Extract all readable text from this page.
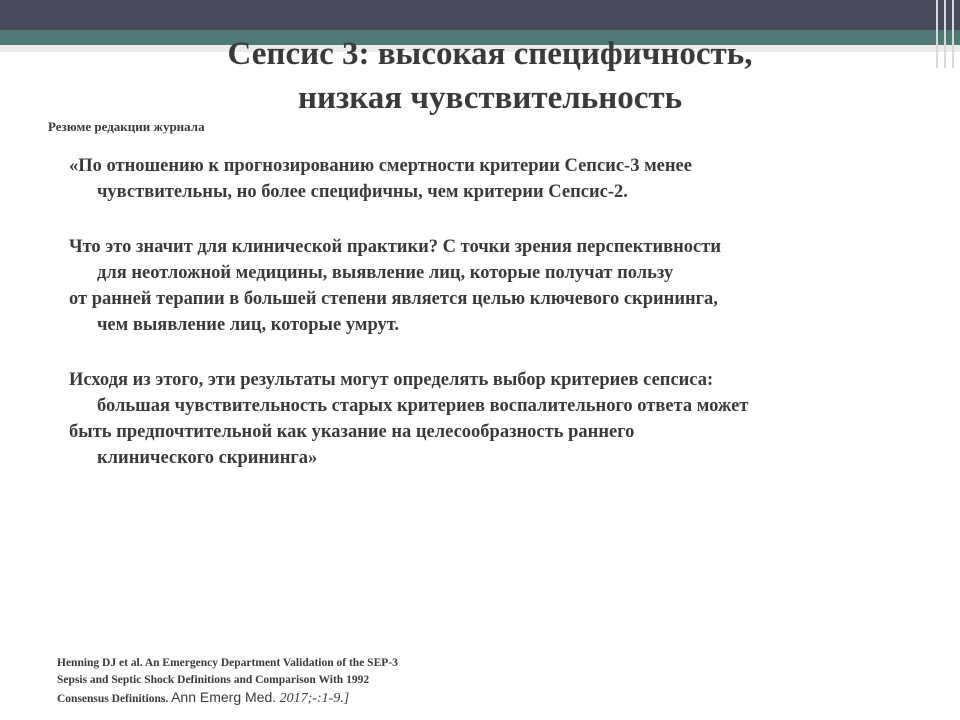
Сепсис 3: высокая специфичность,
низкая чувствительность
Резюме редакции журнала
«По отношению к прогнозированию смертности критерии Сепсис-3 менее
чувствительны, но более специфичны, чем критерии Сепсис-2.
Что это значит для клинической практики? С точки зрения перспективности
для неотложной медицины, выявление лиц, которые получат пользу
от ранней терапии в большей степени является целью ключевого скрининга,
чем выявление лиц, которые умрут.
Исходя из этого, эти результаты могут определять выбор критериев сепсиса:
большая чувствительность старых критериев воспалительного ответа может
быть предпочтительной как указание на целесообразность раннего
клинического скрининга»
Henning DJ et al. An Emergency Department Validation of the SEP-3
Sepsis and Septic Shock Definitions and Comparison With 1992
Consensus Definitions. Ann Emerg Med. 2017;-:1-9.]
